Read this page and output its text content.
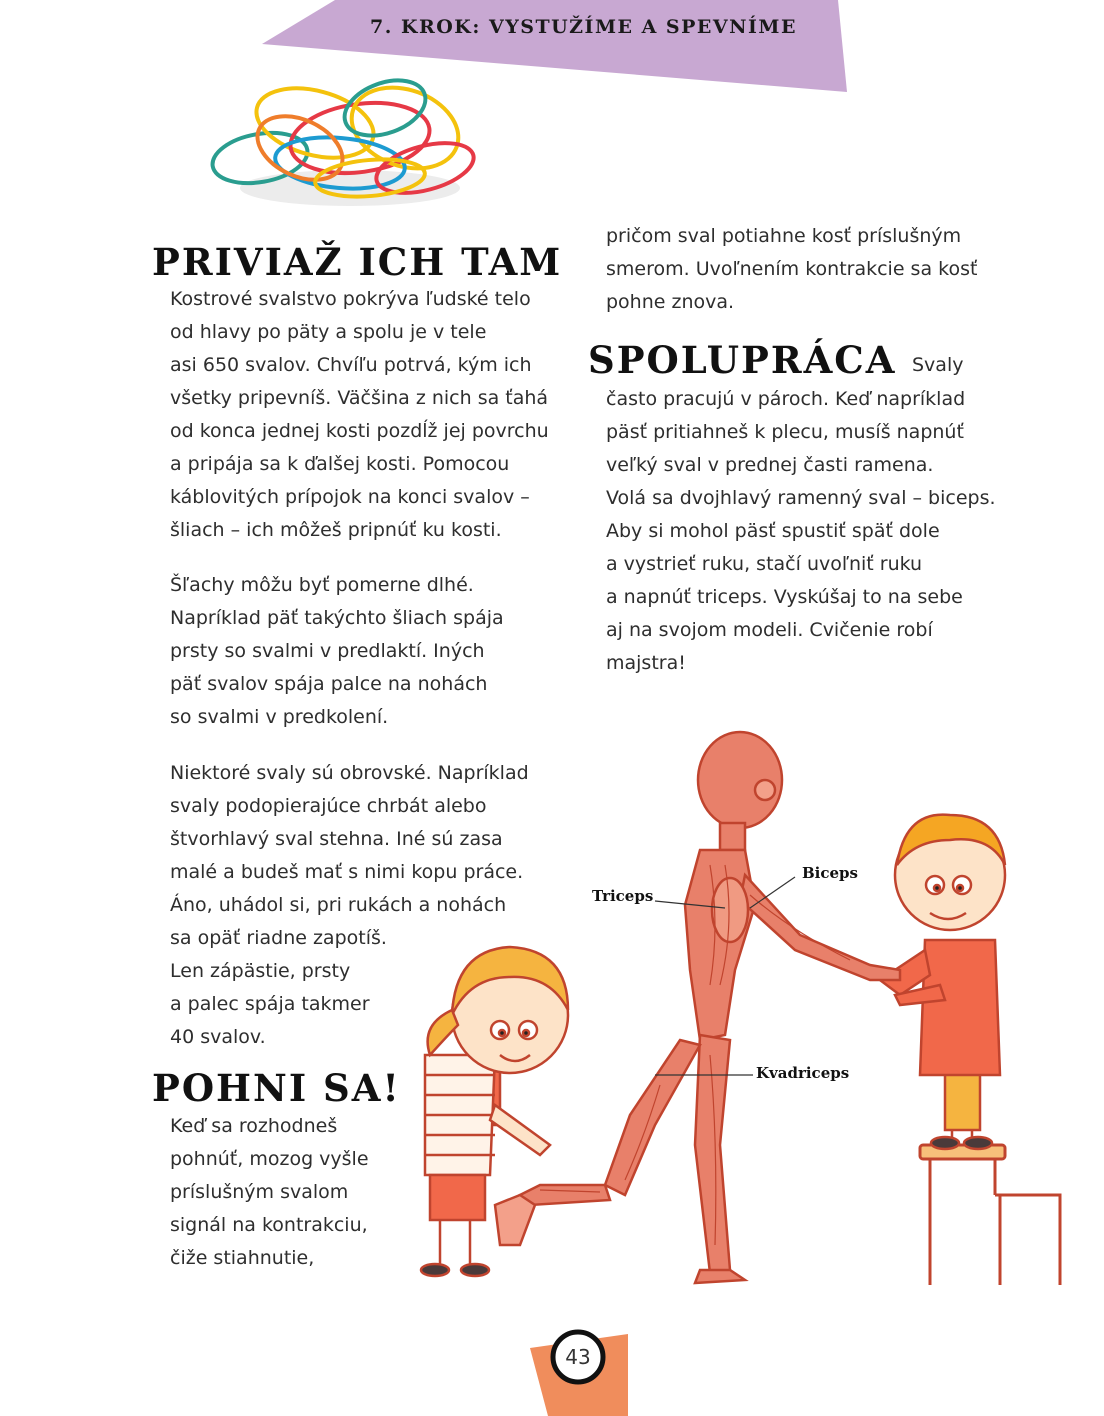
7. KROK: VYSTUŽÍME A SPEVNÍME
PRIVIAŽ ICH TAM
Kostrové svalstvo pokrýva ľudské telo
od hlavy po päty a spolu je v tele
asi 650 svalov. Chvíľu potrvá, kým ich
všetky pripevníš. Väčšina z nich sa ťahá
od konca jednej kosti pozdĺž jej povrchu
a pripája sa k ďalšej kosti. Pomocou
káblovitých prípojok na konci svalov –
šliach – ich môžeš pripnúť ku kosti.
Šľachy môžu byť pomerne dlhé.
Napríklad päť takýchto šliach spája
prsty so svalmi v predlaktí. Iných
päť svalov spája palce na nohách
so svalmi v predkolení.
Niektoré svaly sú obrovské. Napríklad
svaly podopierajúce chrbát alebo
štvorhlavý sval stehna. Iné sú zasa
malé a budeš mať s nimi kopu práce.
Áno, uhádol si, pri rukách a nohách
sa opäť riadne zapotíš.
Len zápästie, prsty
a palec spája takmer
40 svalov.
POHNI SA!
Keď sa rozhodneš
pohnúť, mozog vyšle
príslušným svalom
signál na kontrakciu,
čiže stiahnutie,
pričom sval potiahne kosť príslušným
smerom. Uvoľnením kontrakcie sa kosť
pohne znova.
SPOLUPRÁCA Svaly
často pracujú v pároch. Keď napríklad
päsť pritiahneš k plecu, musíš napnúť
veľký sval v prednej časti ramena.
Volá sa dvojhlavý ramenný sval – biceps.
Aby si mohol päsť spustiť späť dole
a vystrieť ruku, stačí uvoľniť ruku
a napnúť triceps. Vyskúšaj to na sebe
aj na svojom modeli. Cvičenie robí
majstra!
Triceps
Biceps
Kvadriceps
43
